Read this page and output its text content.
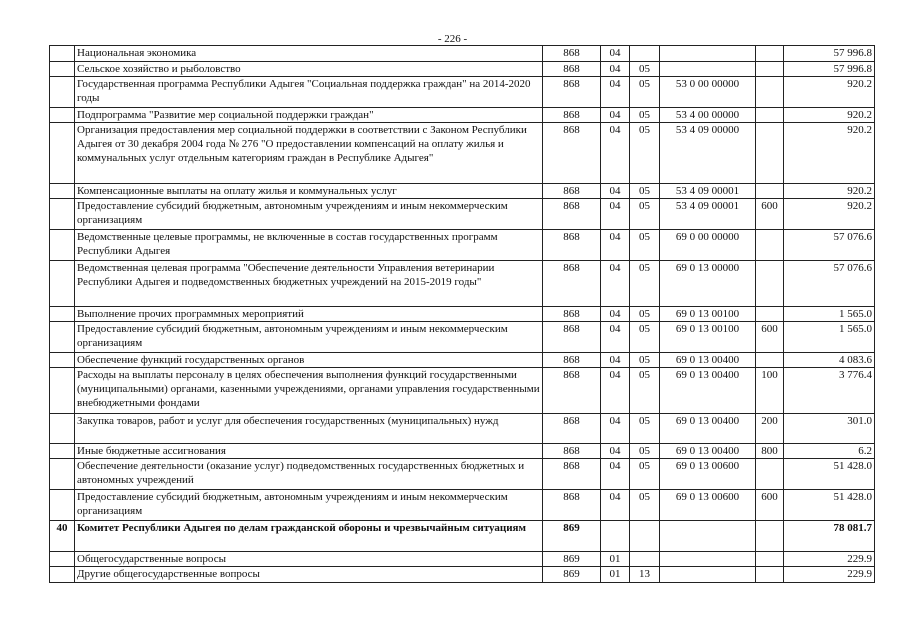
- 226 -
	Национальная экономика	868	04				57 996.8
	Сельское хозяйство и рыболовство	868	04	05			57 996.8
	Государственная программа Республики Адыгея "Социальная поддержка граждан" на 2014-2020 годы	868	04	05	53 0 00 00000		920.2
	Подпрограмма "Развитие мер социальной поддержки граждан"	868	04	05	53 4 00 00000		920.2
	Организация предоставления мер социальной поддержки в соответствии с Законом Республики Адыгея от 30 декабря 2004 года № 276 "О предоставлении компенсаций на оплату жилья и коммунальных услуг отдельным категориям граждан в Республике Адыгея"	868	04	05	53 4 09 00000		920.2
	Компенсационные выплаты на оплату жилья и коммунальных услуг	868	04	05	53 4 09 00001		920.2
	Предоставление субсидий бюджетным, автономным учреждениям и иным некоммерческим организациям	868	04	05	53 4 09 00001	600	920.2
	Ведомственные целевые программы, не включенные в состав государственных программ Республики Адыгея	868	04	05	69 0 00 00000		57 076.6
	Ведомственная целевая программа "Обеспечение деятельности Управления ветеринарии Республики Адыгея и подведомственных бюджетных учреждений на 2015-2019 годы"	868	04	05	69 0 13 00000		57 076.6
	Выполнение прочих программных мероприятий	868	04	05	69 0 13 00100		1 565.0
	Предоставление субсидий бюджетным, автономным учреждениям и иным некоммерческим организациям	868	04	05	69 0 13 00100	600	1 565.0
	Обеспечение функций государственных органов	868	04	05	69 0 13 00400		4 083.6
	Расходы на выплаты персоналу в целях обеспечения выполнения функций государственными (муниципальными) органами, казенными учреждениями, органами управления государственными внебюджетными фондами	868	04	05	69 0 13 00400	100	3 776.4
	Закупка товаров, работ и услуг для обеспечения государственных (муниципальных) нужд	868	04	05	69 0 13 00400	200	301.0
	Иные бюджетные ассигнования	868	04	05	69 0 13 00400	800	6.2
	Обеспечение деятельности (оказание услуг) подведомственных государственных бюджетных и автономных учреждений	868	04	05	69 0 13 00600		51 428.0
	Предоставление субсидий бюджетным, автономным учреждениям и иным некоммерческим организациям	868	04	05	69 0 13 00600	600	51 428.0
40	Комитет Республики Адыгея по делам гражданской обороны и чрезвычайным ситуациям	869					78 081.7
	Общегосударственные вопросы	869	01				229.9
	Другие общегосударственные вопросы	869	01	13			229.9
